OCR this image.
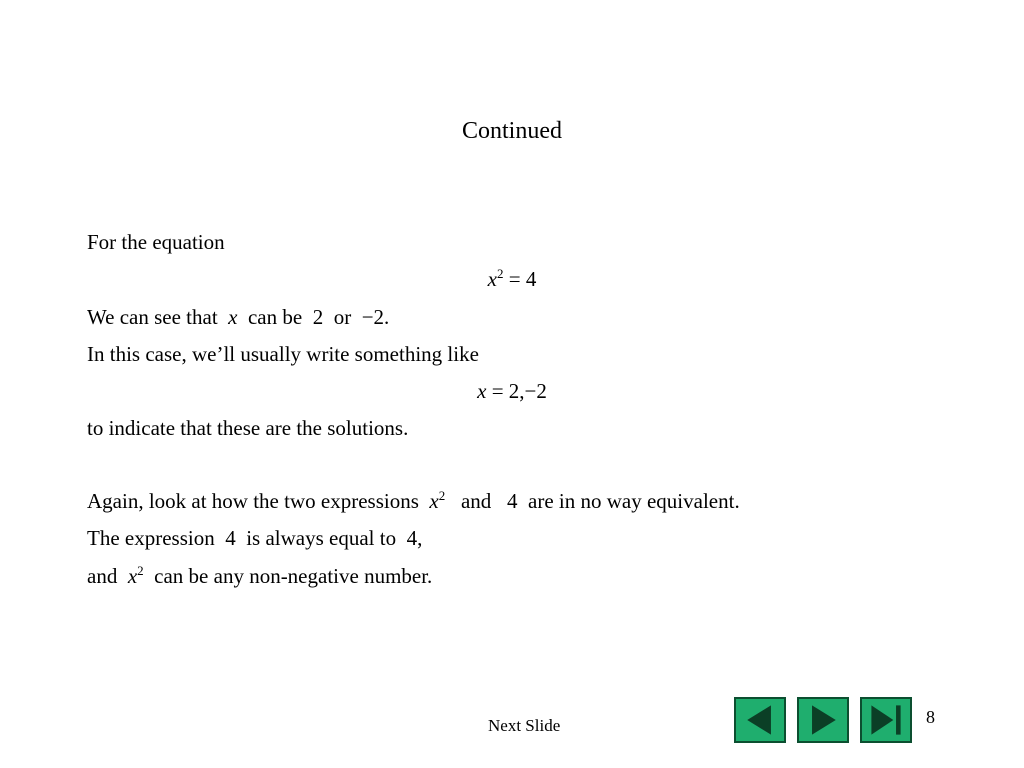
Continued
For the equation
$x^2 = 4$
We can see that  x  can be  2  or  −2.
In this case, we’ll usually write something like
x = 2,−2
to indicate that these are the solutions.
Again, look at how the two expressions  $x^2$   and   4  are in no way equivalent.
The expression  4  is always equal to  4,
and  $x^2$  can be any non-negative number.
Next Slide	8
